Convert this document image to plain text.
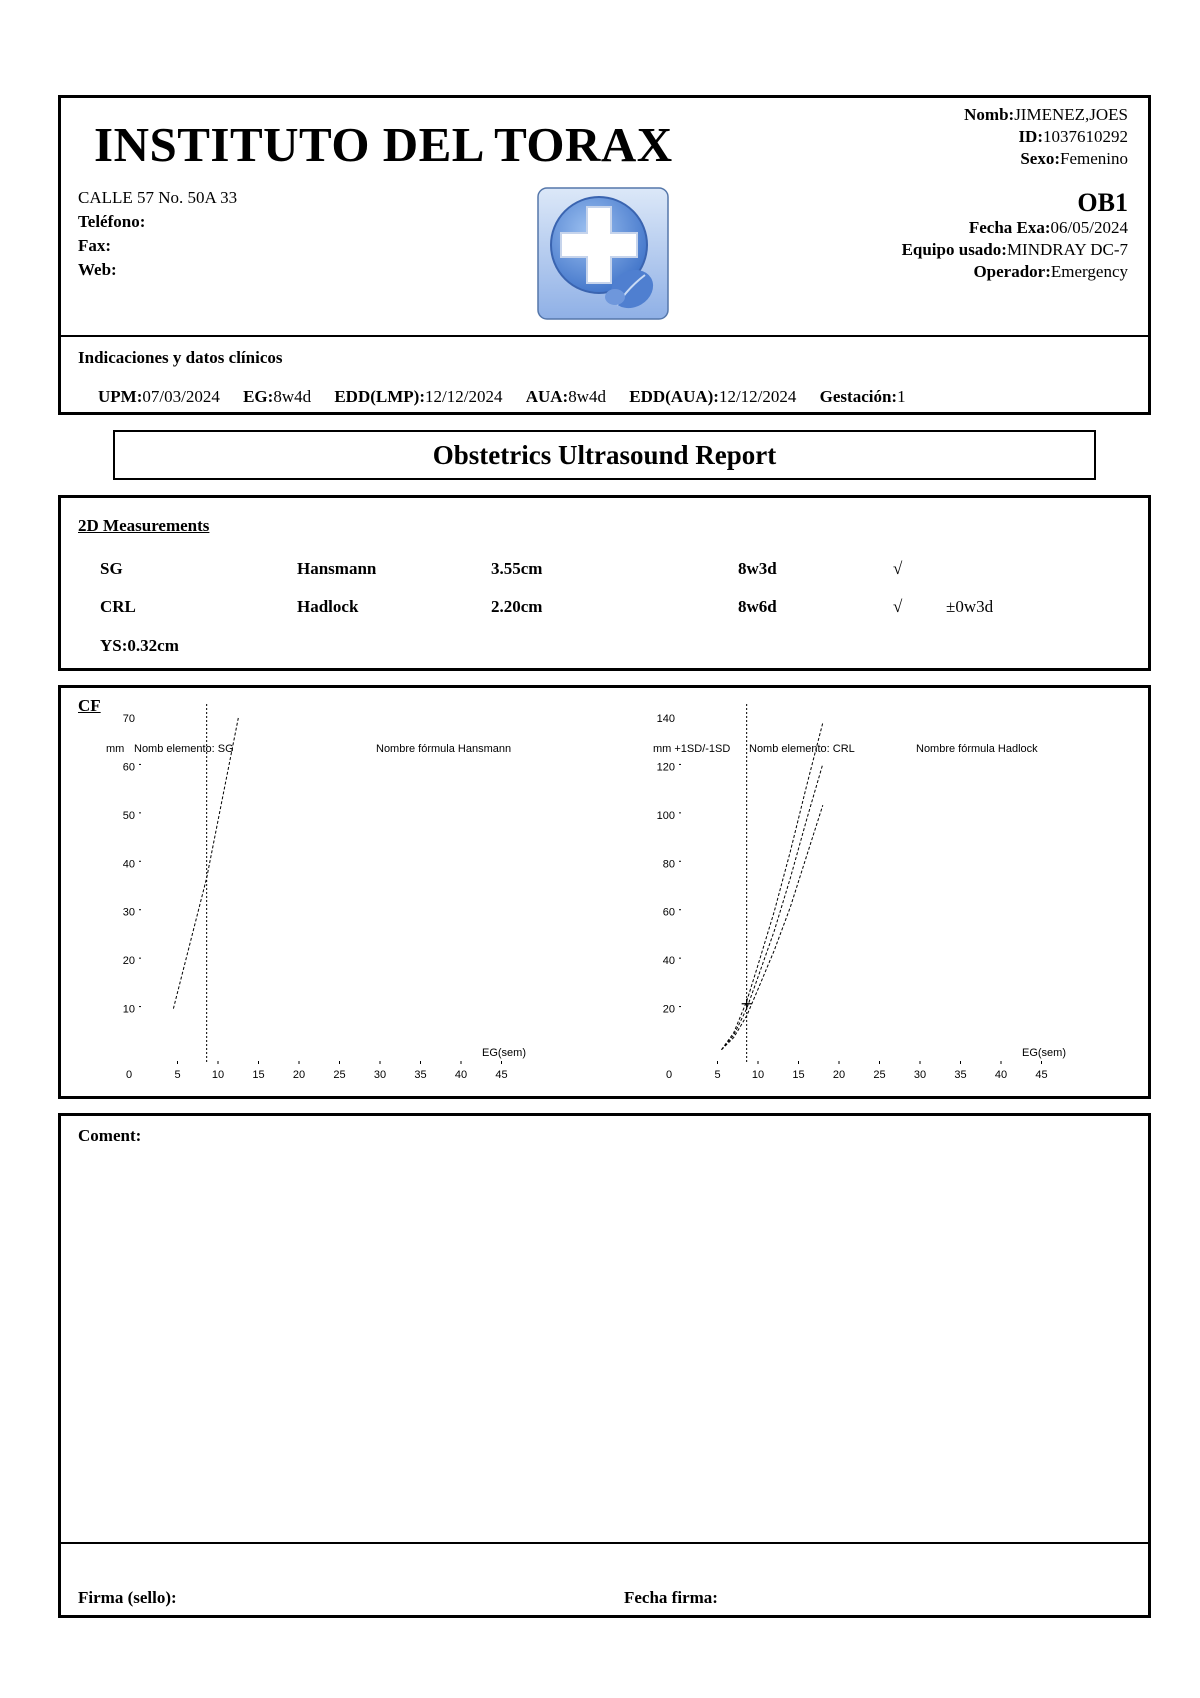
INSTITUTO DEL TORAX
CALLE 57 No. 50A 33
Teléfono:
Fax:
Web:
Nomb:JIMENEZ,JOES
ID:1037610292
Sexo:Femenino
OB1
Fecha Exa:06/05/2024
Equipo usado:MINDRAY DC-7
Operador:Emergency
Indicaciones y datos clínicos
UPM:07/03/2024 EG:8w4d EDD(LMP):12/12/2024 AUA:8w4d EDD(AUA):12/12/2024 Gestación:1
Obstetrics Ultrasound Report
2D Measurements
SG	Hansmann	3.55cm	8w3d	√
CRL	Hadlock	2.20cm	8w6d	√	±0w3d
YS:0.32cm
mm Nomb elemento: SG	Nombre fórmula Hansmann
EG(sem)
10
20
30
40
50
60
70
0	5	10	15	20	25	30	35	40	45
mm +1SD/-1SD Nomb elemento: CRL	Nombre fórmula Hadlock
EG(sem)
20
40
60
80
100
120
140
0	5	10	15	20	25	30	35	40	45
CF
Coment:
Firma (sello):	Fecha firma:
